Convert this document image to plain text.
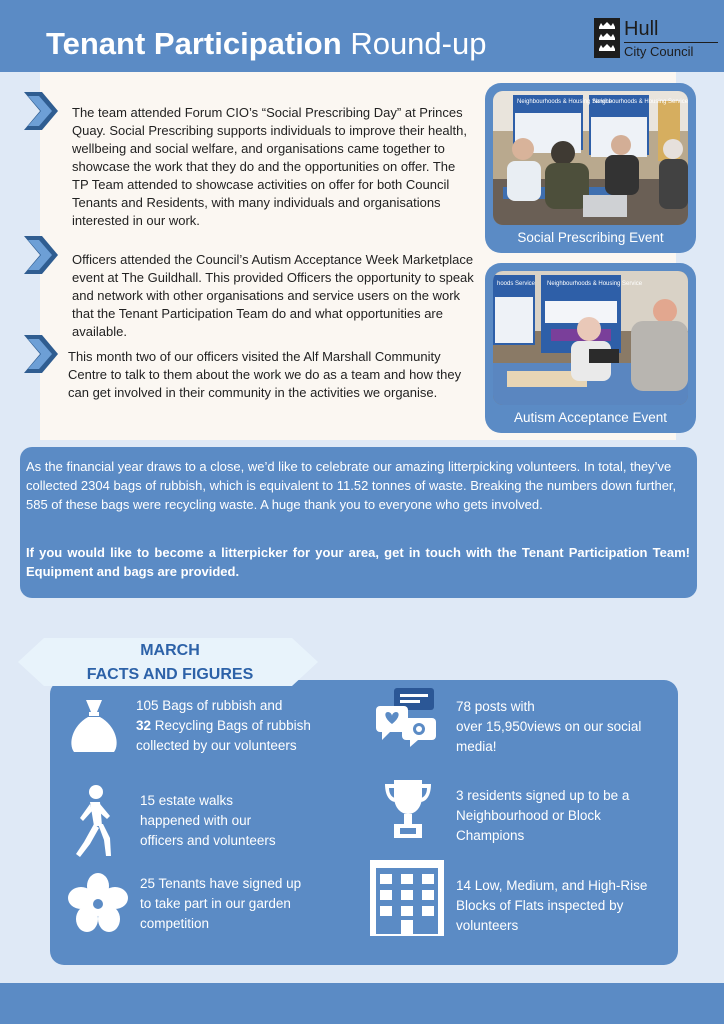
Tenant Participation Round-up	Hull
City Council
The team attended Forum CIO’s “Social Prescribing Day” at Princes Quay. Social Prescribing supports individuals to improve their health, wellbeing and social welfare, and organisations came together to showcase the work that they do and the opportunities on offer. The TP Team attended to showcase activities on offer for both Council Tenants and Residents, with many individuals and organisations interested in our work.
Officers attended the Council’s Autism Acceptance Week Marketplace event at The Guildhall. This provided Officers the opportunity to speak and network with other organisations and service users on the work that the Tenant Participation Team do and what opportunities are available.
This month two of our officers visited the Alf Marshall Community Centre to talk to them about the work we do as a team and how they can get involved in their community in the activities we organise.
Neighbourhoods & Housing Service
Neighbourhoods & Housing Service
Social Prescribing Event
hoods Service Neighbourhoods & Housing Service
Autism Acceptance Event
As the financial year draws to a close, we’d like to celebrate our amazing litterpicking volunteers. In total, they’ve collected 2304 bags of rubbish, which is equivalent to 11.52 tonnes of waste. Breaking the numbers down further, 585 of these bags were recycling waste. A huge thank you to everyone who gets involved.
If you would like to become a litterpicker for your area, get in touch with the Tenant Participation Team! Equipment and bags are provided.
MARCH
FACTS AND FIGURES
105 Bags of rubbish and
32 Recycling Bags of rubbish
collected by our volunteers
78 posts with
over 15,950views on our social
media!
15 estate walks
happened with our
officers and volunteers
3 residents signed up to be a
Neighbourhood or Block
Champions
25 Tenants have signed up
to take part in our garden
competition
14 Low, Medium, and High-Rise
Blocks of Flats inspected by
volunteers
